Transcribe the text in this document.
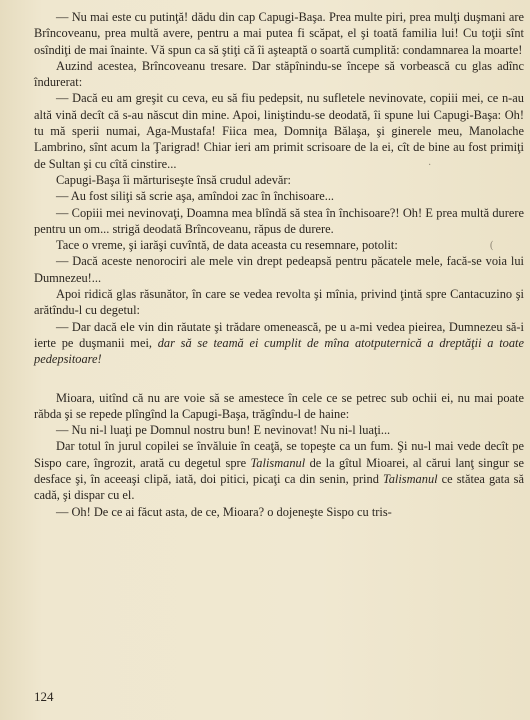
— Nu mai este cu putinţă! dădu din cap Capugi-Başa. Prea multe piri, prea mulţi duşmani are Brîncoveanu, prea multă avere, pentru a mai putea fi scăpat, el şi toată familia lui! Cu toţii sînt osîndiţi de mai înainte. Vă spun ca să ştiţi că îi aşteaptă o soartă cumplită: condamnarea la moarte!

Auzind acestea, Brîncoveanu tresare. Dar stăpînindu-se începe să vorbească cu glas adînc îndurerat:

— Dacă eu am greşit cu ceva, eu să fiu pedepsit, nu sufletele nevinovate, copiii mei, ce n-au altă vină decît că s-au născut din mine. Apoi, liniştindu-se deodată, îi spune lui Capugi-Başa: Oh! tu mă sperii numai, Aga-Mustafa! Fiica mea, Domniţa Bălaşa, şi ginerele meu, Manolache Lambrino, sînt acum la Ţarigrad! Chiar ieri am primit scrisoare de la ei, cît de bine au fost primiţi de Sultan şi cu cîtă cinstire...

Capugi-Başa îi mărturiseşte însă crudul adevăr:

— Au fost siliţi să scrie aşa, amîndoi zac în închisoare...

— Copiii mei nevinovaţi, Doamna mea blîndă să stea în închisoare?! Oh! E prea multă durere pentru un om... strigă deodată Brîncoveanu, răpus de durere.

Tace o vreme, şi iarăşi cuvîntă, de data aceasta cu resemnare, potolit:

— Dacă aceste nenorociri ale mele vin drept pedeapsă pentru păcatele mele, facă-se voia lui Dumnezeu!...

Apoi ridică glas răsunător, în care se vedea revolta şi mînia, privind ţintă spre Cantacuzino şi arătîndu-l cu degetul:

— Dar dacă ele vin din răutate şi trădare omenească, pe u a-mi vedea pieirea, Dumnezeu să-i ierte pe duşmanii mei, dar să se teamă ei cumplit de mîna atotputernică a dreptăţii a toate pedepsitoare!

Mioara, uitînd că nu are voie să se amestece în cele ce se petrec sub ochii ei, nu mai poate răbda şi se repede plîngînd la Capugi-Başa, trăgîndu-l de haine:

— Nu ni-l luaţi pe Domnul nostru bun! E nevinovat! Nu ni-l luaţi...

Dar totul în jurul copilei se învăluie în ceaţă, se topeşte ca un fum. Şi nu-l mai vede decît pe Sispo care, îngrozit, arată cu degetul spre Talismanul de la gîtul Mioarei, al cărui lanţ singur se desface şi, în aceeaşi clipă, iată, doi pitici, picaţi ca din senin, prind Talismanul ce stătea gata să cadă, şi dispar cu el.

— Oh! De ce ai făcut asta, de ce, Mioara? o dojeneşte Sispo cu tris-

(
·
124
